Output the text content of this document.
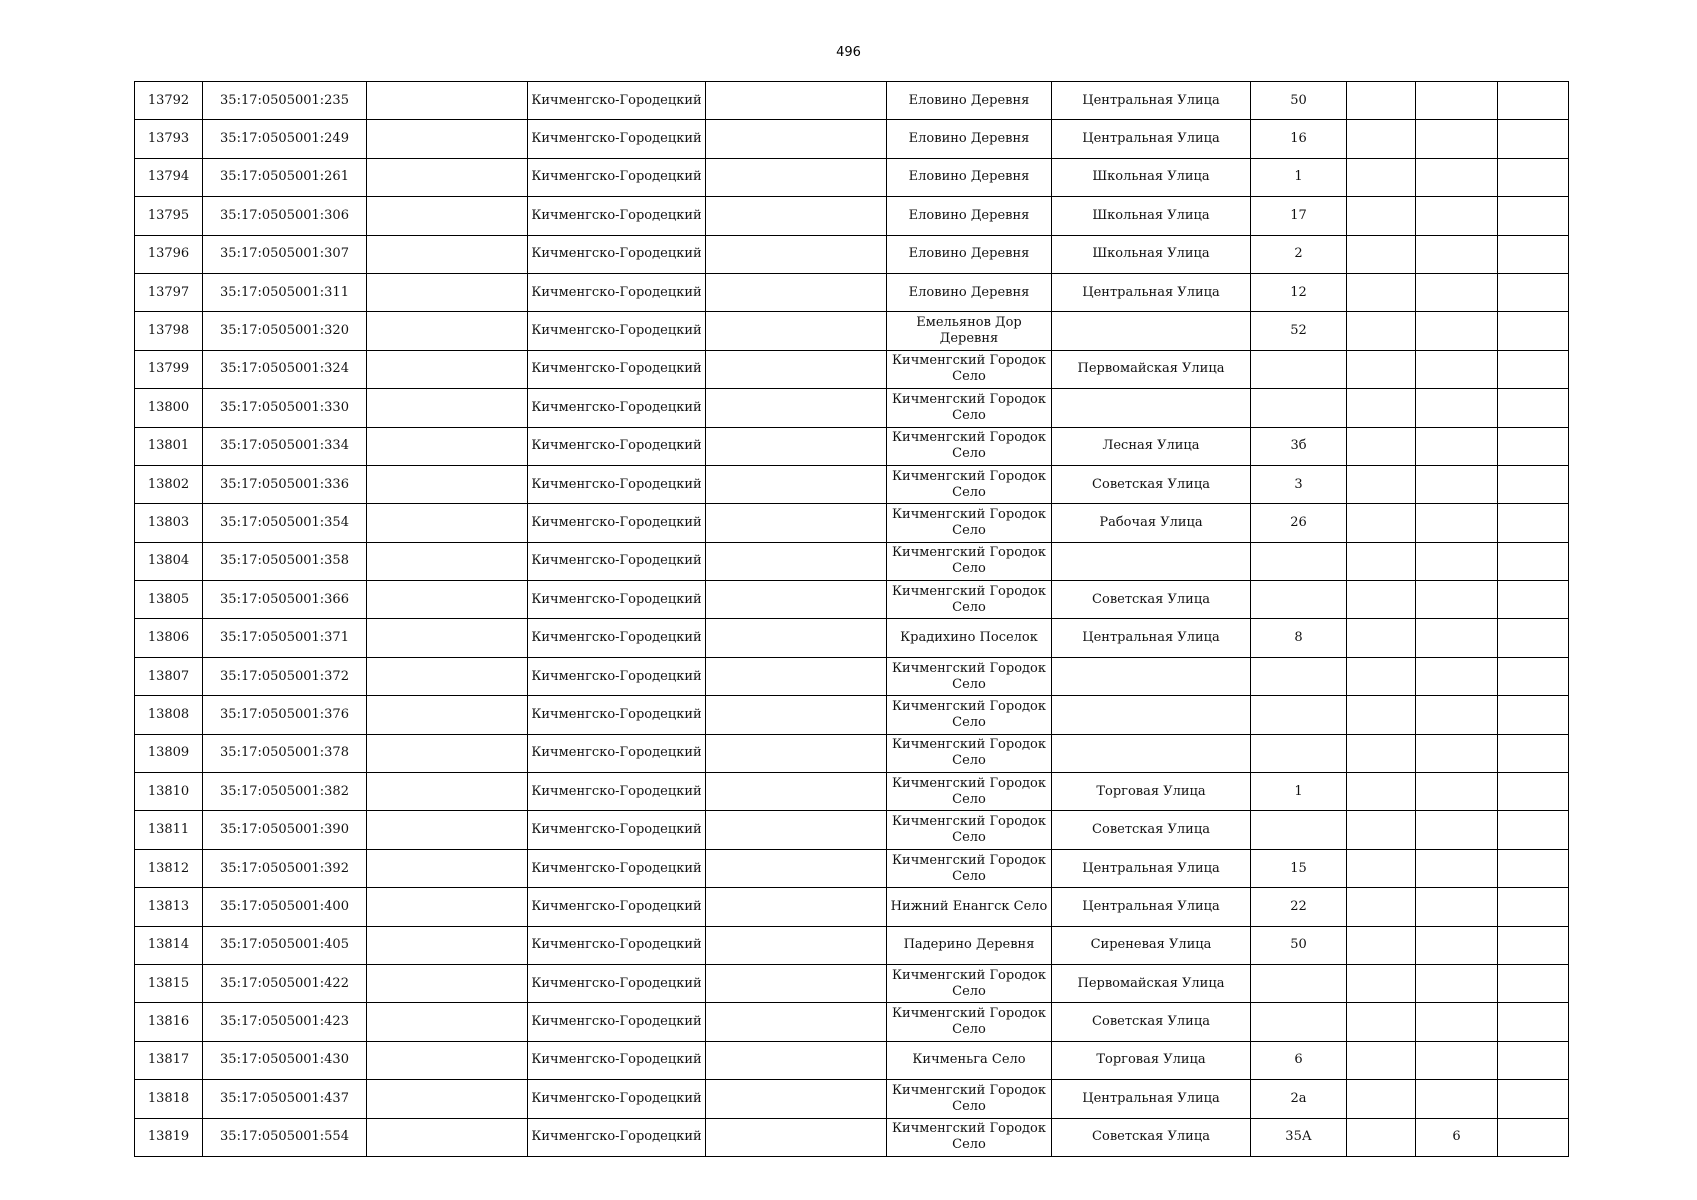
496
13792	35:17:0505001:235		Кичменгско-Городецкий		Еловино Деревня	Центральная Улица	50			
13793	35:17:0505001:249		Кичменгско-Городецкий		Еловино Деревня	Центральная Улица	16			
13794	35:17:0505001:261		Кичменгско-Городецкий		Еловино Деревня	Школьная Улица	1			
13795	35:17:0505001:306		Кичменгско-Городецкий		Еловино Деревня	Школьная Улица	17			
13796	35:17:0505001:307		Кичменгско-Городецкий		Еловино Деревня	Школьная Улица	2			
13797	35:17:0505001:311		Кичменгско-Городецкий		Еловино Деревня	Центральная Улица	12			
13798	35:17:0505001:320		Кичменгско-Городецкий		Емельянов Дор Деревня		52			
13799	35:17:0505001:324		Кичменгско-Городецкий		Кичменгский Городок Село	Первомайская Улица				
13800	35:17:0505001:330		Кичменгско-Городецкий		Кичменгский Городок Село					
13801	35:17:0505001:334		Кичменгско-Городецкий		Кичменгский Городок Село	Лесная Улица	3б			
13802	35:17:0505001:336		Кичменгско-Городецкий		Кичменгский Городок Село	Советская Улица	3			
13803	35:17:0505001:354		Кичменгско-Городецкий		Кичменгский Городок Село	Рабочая Улица	26			
13804	35:17:0505001:358		Кичменгско-Городецкий		Кичменгский Городок Село					
13805	35:17:0505001:366		Кичменгско-Городецкий		Кичменгский Городок Село	Советская Улица				
13806	35:17:0505001:371		Кичменгско-Городецкий		Крадихино Поселок	Центральная Улица	8			
13807	35:17:0505001:372		Кичменгско-Городецкий		Кичменгский Городок Село					
13808	35:17:0505001:376		Кичменгско-Городецкий		Кичменгский Городок Село					
13809	35:17:0505001:378		Кичменгско-Городецкий		Кичменгский Городок Село					
13810	35:17:0505001:382		Кичменгско-Городецкий		Кичменгский Городок Село	Торговая Улица	1			
13811	35:17:0505001:390		Кичменгско-Городецкий		Кичменгский Городок Село	Советская Улица				
13812	35:17:0505001:392		Кичменгско-Городецкий		Кичменгский Городок Село	Центральная Улица	15			
13813	35:17:0505001:400		Кичменгско-Городецкий		Нижний Енангск Село	Центральная Улица	22			
13814	35:17:0505001:405		Кичменгско-Городецкий		Падерино Деревня	Сиреневая Улица	50			
13815	35:17:0505001:422		Кичменгско-Городецкий		Кичменгский Городок Село	Первомайская Улица				
13816	35:17:0505001:423		Кичменгско-Городецкий		Кичменгский Городок Село	Советская Улица				
13817	35:17:0505001:430		Кичменгско-Городецкий		Кичменьга Село	Торговая Улица	6			
13818	35:17:0505001:437		Кичменгско-Городецкий		Кичменгский Городок Село	Центральная Улица	2а			
13819	35:17:0505001:554		Кичменгско-Городецкий		Кичменгский Городок Село	Советская Улица	35А		6	
